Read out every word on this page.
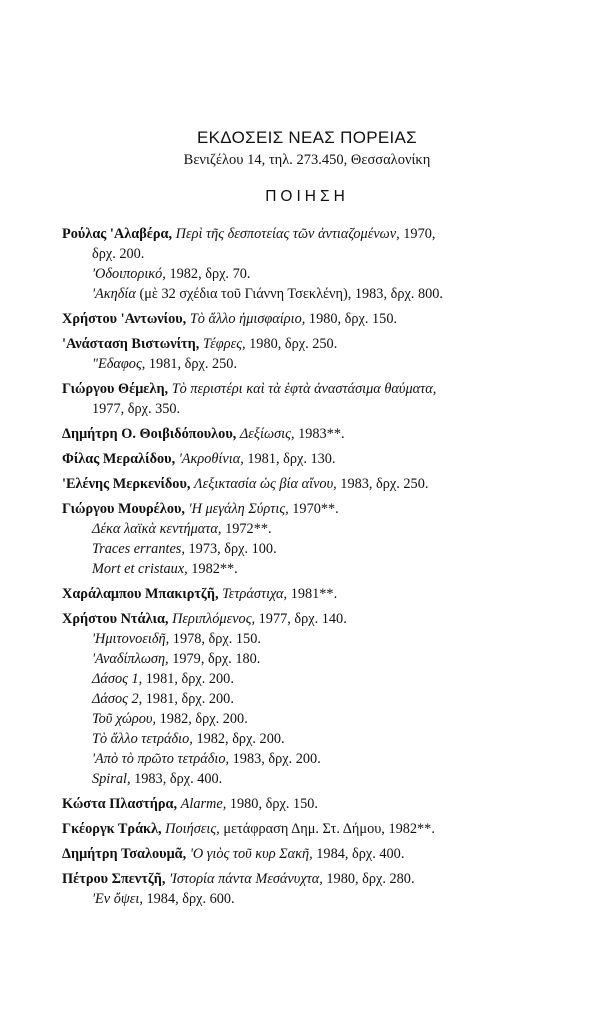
ΕΚΔΟΣΕΙΣ ΝΕΑΣ ΠΟΡΕΙΑΣ
Βενιζέλου 14, τηλ. 273.450, Θεσσαλονίκη
ΠΟΙΗΣΗ
Ρούλας 'Αλαβέρα, Περὶ τῆς δεσποτείας τῶν ἀντιαζομένων, 1970,
δρχ. 200.
'Οδοιπορικό, 1982, δρχ. 70.
'Ακηδία (μὲ 32 σχέδια τοῦ Γιάννη Τσεκλένη), 1983, δρχ. 800.
Χρήστου 'Αντωνίου, Τὸ ἄλλο ἡμισφαίριο, 1980, δρχ. 150.
'Ανάσταση Βιστωνίτη, Τέφρες, 1980, δρχ. 250.
"Εδαφος, 1981, δρχ. 250.
Γιώργου Θέμελη, Τὸ περιστέρι καὶ τὰ ἑφτὰ ἀναστάσιμα θαύματα,
1977, δρχ. 350.
Δημήτρη Ο. Θοιβιδόπουλου, Δεξίωσις, 1983**.
Φίλας Μεραλίδου, 'Ακροθίνια, 1981, δρχ. 130.
'Ελένης Μερκενίδου, Λεξικτασία ὡς βία αἴνου, 1983, δρχ. 250.
Γιώργου Μουρέλου, 'Η μεγάλη Σύρτις, 1970**.
Δέκα λαϊκὰ κεντήματα, 1972**.
Traces errantes, 1973, δρχ. 100.
Mort et cristaux, 1982**.
Χαράλαμπου Μπακιρτζῆ, Τετράστιχα, 1981**.
Χρήστου Ντάλια, Περιπλόμενος, 1977, δρχ. 140.
'Ημιτονοειδῆ, 1978, δρχ. 150.
'Αναδίπλωση, 1979, δρχ. 180.
Δάσος 1, 1981, δρχ. 200.
Δάσος 2, 1981, δρχ. 200.
Τοῦ χώρου, 1982, δρχ. 200.
Τὸ ἄλλο τετράδιο, 1982, δρχ. 200.
'Απὸ τὸ πρῶτο τετράδιο, 1983, δρχ. 200.
Spiral, 1983, δρχ. 400.
Κώστα Πλαστήρα, Alarme, 1980, δρχ. 150.
Γκέοργκ Τράκλ, Ποιήσεις, μετάφραση Δημ. Στ. Δήμου, 1982**.
Δημήτρη Τσαλουμᾶ, 'Ο γιὸς τοῦ κυρ Σακῆ, 1984, δρχ. 400.
Πέτρου Σπεντζῆ, 'Ιστορία πάντα Μεσάνυχτα, 1980, δρχ. 280.
'Εν ὄψει, 1984, δρχ. 600.
